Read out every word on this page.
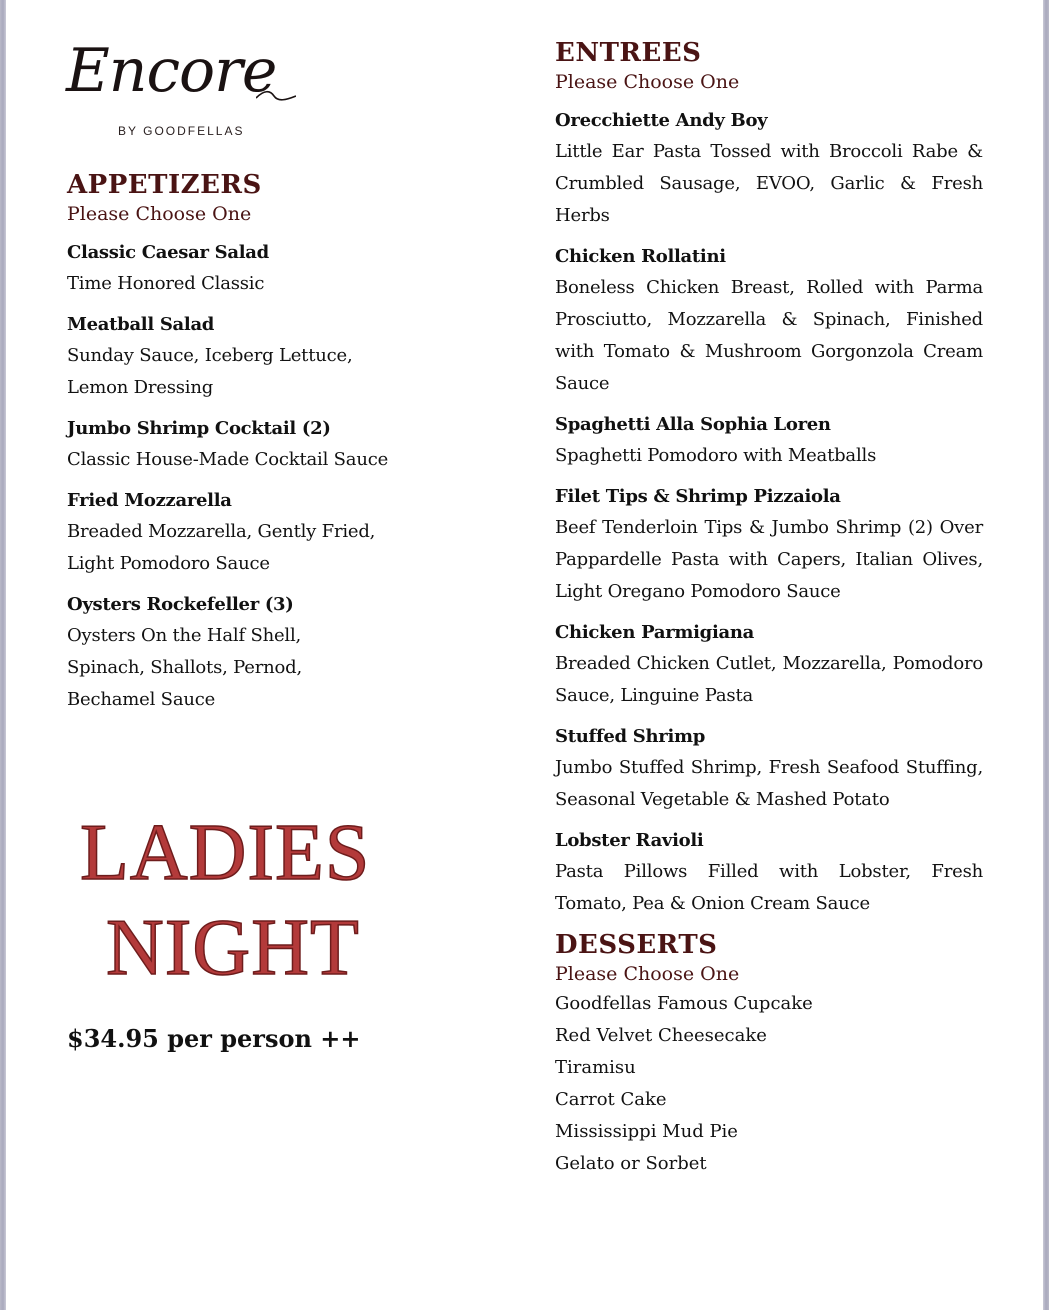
Encore
BY GOODFELLAS
APPETIZERS
Please Choose One
Classic Caesar Salad
Time Honored Classic
Meatball Salad
Sunday Sauce, Iceberg Lettuce,
Lemon Dressing
Jumbo Shrimp Cocktail (2)
Classic House-Made Cocktail Sauce
Fried Mozzarella
Breaded Mozzarella, Gently Fried,
Light Pomodoro Sauce
Oysters Rockefeller (3)
Oysters On the Half Shell,
Spinach, Shallots, Pernod,
Bechamel Sauce
LADIES
NIGHT
$34.95 per person ++
ENTREES
Please Choose One
Orecchiette Andy Boy
Little Ear Pasta Tossed with Broccoli Rabe & Crumbled Sausage, EVOO, Garlic & Fresh Herbs
Chicken Rollatini
Boneless Chicken Breast, Rolled with Parma Prosciutto, Mozzarella & Spinach, Finished with Tomato & Mushroom Gorgonzola Cream Sauce
Spaghetti Alla Sophia Loren
Spaghetti Pomodoro with Meatballs
Filet Tips & Shrimp Pizzaiola
Beef Tenderloin Tips & Jumbo Shrimp (2) Over Pappardelle Pasta with Capers, Italian Olives, Light Oregano Pomodoro Sauce
Chicken Parmigiana
Breaded Chicken Cutlet, Mozzarella, Pomodoro Sauce, Linguine Pasta
Stuffed Shrimp
Jumbo Stuffed Shrimp, Fresh Seafood Stuffing, Seasonal Vegetable & Mashed Potato
Lobster Ravioli
Pasta Pillows Filled with Lobster, Fresh Tomato, Pea & Onion Cream Sauce
DESSERTS
Please Choose One
Goodfellas Famous Cupcake
Red Velvet Cheesecake
Tiramisu
Carrot Cake
Mississippi Mud Pie
Gelato or Sorbet
